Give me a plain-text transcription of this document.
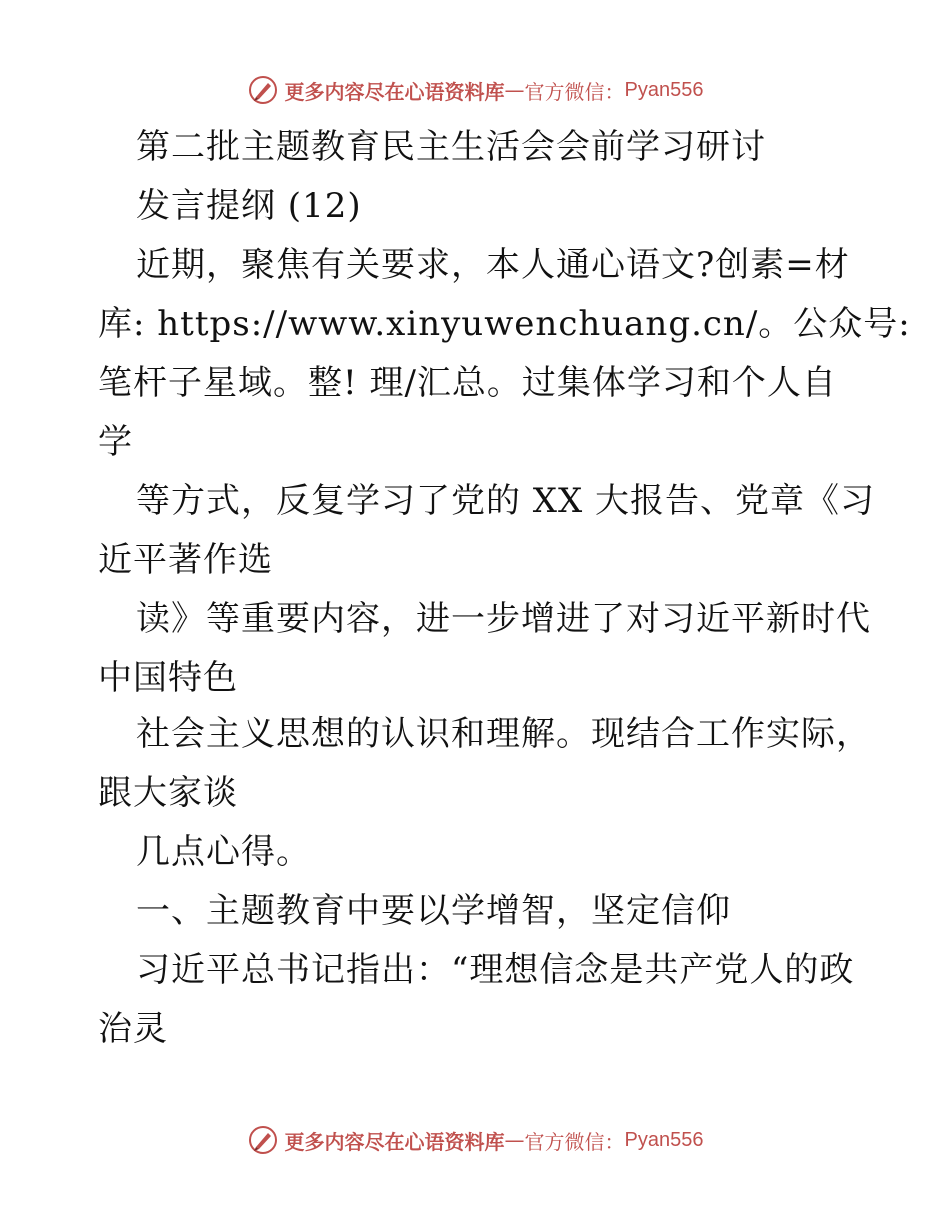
更多内容尽在心语资料库 — 官方微信： Pyan556
第二批主题教育民主生活会会前学习研讨
发言提纲 (12)
近期，聚焦有关要求，本人通心语文?创素=材
库: https://www.xinyuwenchuang.cn/。公众号:
笔杆子星域。整! 理/汇总。过集体学习和个人自
学
等方式，反复学习了党的 XX 大报告、党章《习
近平著作选
读》等重要内容，进一步增进了对习近平新时代
中国特色
社会主义思想的认识和理解。现结合工作实际，
跟大家谈
几点心得。
一、主题教育中要以学增智，坚定信仰
习近平总书记指出：“理想信念是共产党人的政
治灵
更多内容尽在心语资料库 — 官方微信： Pyan556
